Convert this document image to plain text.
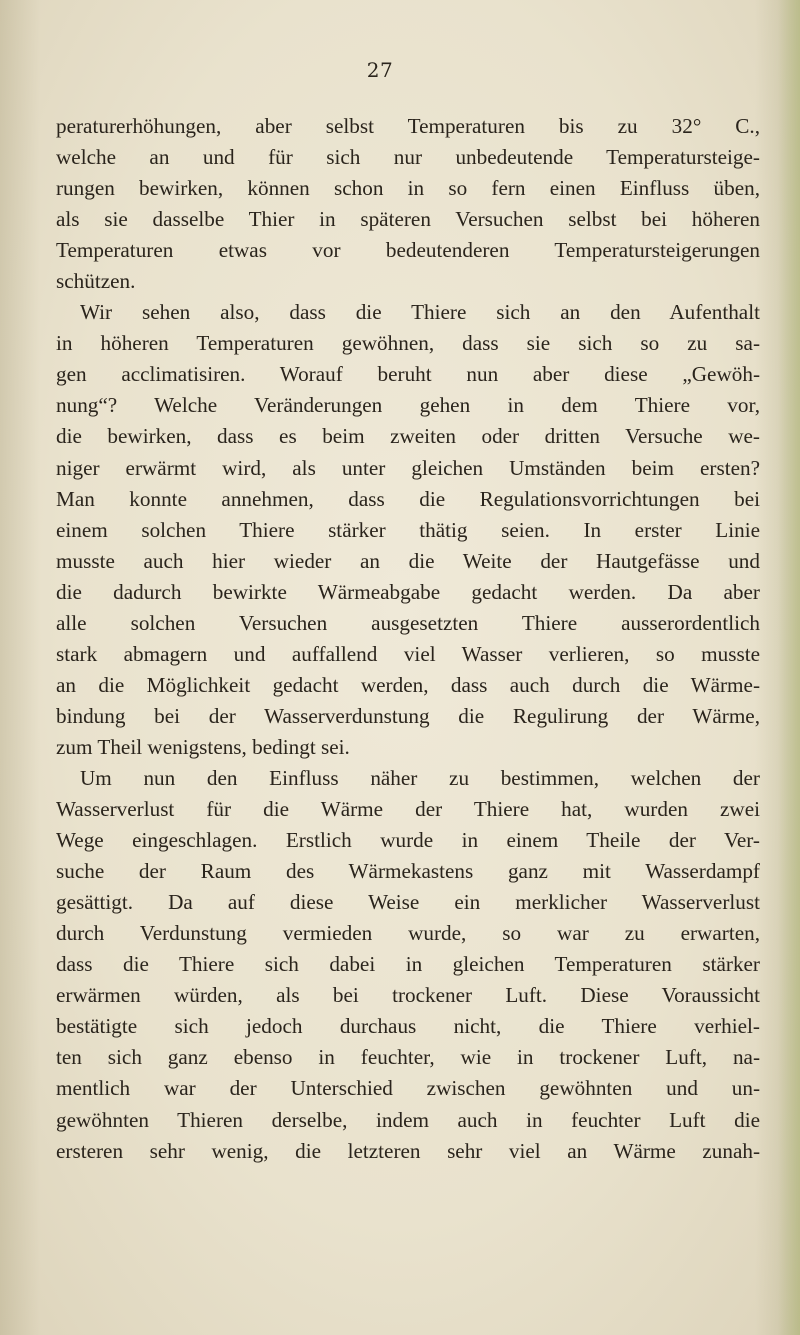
27

peraturerhöhungen, aber selbst Temperaturen bis zu 32° C.,

welche an und für sich nur unbedeutende Temperatursteige-

rungen bewirken, können schon in so fern einen Einfluss üben,

als sie dasselbe Thier in späteren Versuchen selbst bei höheren

Temperaturen etwas vor bedeutenderen Temperatursteigerungen

schützen.

Wir sehen also, dass die Thiere sich an den Aufenthalt

in höheren Temperaturen gewöhnen, dass sie sich so zu sa-

gen acclimatisiren. Worauf beruht nun aber diese „Gewöh-

nung“? Welche Veränderungen gehen in dem Thiere vor,

die bewirken, dass es beim zweiten oder dritten Versuche we-

niger erwärmt wird, als unter gleichen Umständen beim ersten?

Man konnte annehmen, dass die Regulationsvorrichtungen bei

einem solchen Thiere stärker thätig seien. In erster Linie

musste auch hier wieder an die Weite der Hautgefässe und

die dadurch bewirkte Wärmeabgabe gedacht werden. Da aber

alle solchen Versuchen ausgesetzten Thiere ausserordentlich

stark abmagern und auffallend viel Wasser verlieren, so musste

an die Möglichkeit gedacht werden, dass auch durch die Wärme-

bindung bei der Wasserverdunstung die Regulirung der Wärme,

zum Theil wenigstens, bedingt sei.

Um nun den Einfluss näher zu bestimmen, welchen der

Wasserverlust für die Wärme der Thiere hat, wurden zwei

Wege eingeschlagen. Erstlich wurde in einem Theile der Ver-

suche der Raum des Wärmekastens ganz mit Wasserdampf

gesättigt. Da auf diese Weise ein merklicher Wasserverlust

durch Verdunstung vermieden wurde, so war zu erwarten,

dass die Thiere sich dabei in gleichen Temperaturen stärker

erwärmen würden, als bei trockener Luft. Diese Voraussicht

bestätigte sich jedoch durchaus nicht, die Thiere verhiel-

ten sich ganz ebenso in feuchter, wie in trockener Luft, na-

mentlich war der Unterschied zwischen gewöhnten und un-

gewöhnten Thieren derselbe, indem auch in feuchter Luft die

ersteren sehr wenig, die letzteren sehr viel an Wärme zunah-
